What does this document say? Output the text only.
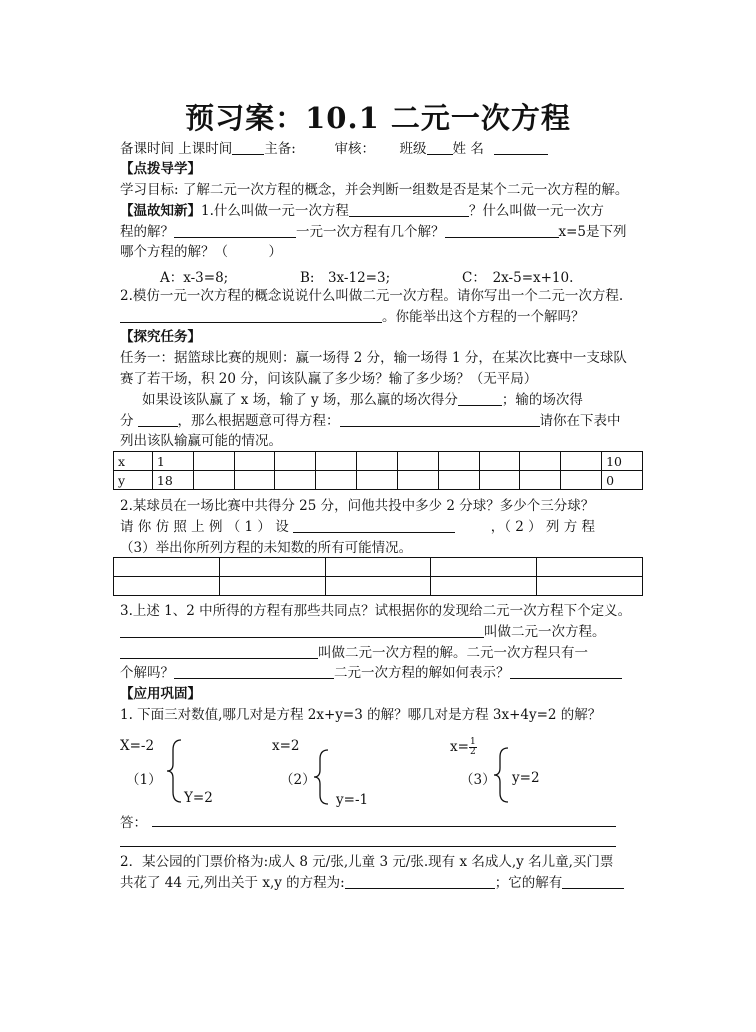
预习案：10.1 二元一次方程
备课时间 上课时间 主备:	审核： 班级 姓 名
【点拨导学】
学习目标: 了解二元一次方程的概念，并会判断一组数是否是某个二元一次方程的解。
【温故知新】1.什么叫做一元一次方程	？什么叫做一元一次方
程的解？	一元一次方程有几个解？	x=5是下列
哪个方程的解？（　　　）
A：x-3=8;	B:　3x-12=3;	C：　2x-5=x+10.
2.模仿一元一次方程的概念说说什么叫做二元一次方程。请你写出一个二元一次方程.
。你能举出这个方程的一个解吗？
【探究任务】
任务一：据篮球比赛的规则：赢一场得 2 分，输一场得 1 分，在某次比赛中一支球队
赛了若干场，积 20 分，问该队赢了多少场？输了多少场？（无平局）
如果设该队赢了 x 场，输了 y 场，那么赢的场次得分	；输的场次得
分	，那么根据题意可得方程：	请你在下表中
列出该队输赢可能的情况。
x	1											10
y	18											0
2.某球员在一场比赛中共得分 25 分，问他共投中多少 2 分球？多少个三分球？
请 你 仿 照 上 例 （ 1 ） 设	，（ 2 ） 列 方 程
（3）举出你所列方程的未知数的所有可能情况。

3.上述 1、2 中所得的方程有那些共同点？试根据你的发现给二元一次方程下个定义。
叫做二元一次方程。
叫做二元一次方程的解。二元一次方程只有一
个解吗？	二元一次方程的解如何表示？
【应用巩固】
1. 下面三对数值,哪几对是方程 2x+y=3 的解？哪几对是方程 3x+4y=2 的解？
X=-2
（1）
Y=2
x=2
（2）
y=-1
$x= \frac{1}{2}$
（3） y=2
答：
2．某公园的门票价格为:成人 8 元/张,儿童 3 元/张.现有 x 名成人,y 名儿童,买门票
共花了 44 元,列出关于 x,y 的方程为:	；它的解有
